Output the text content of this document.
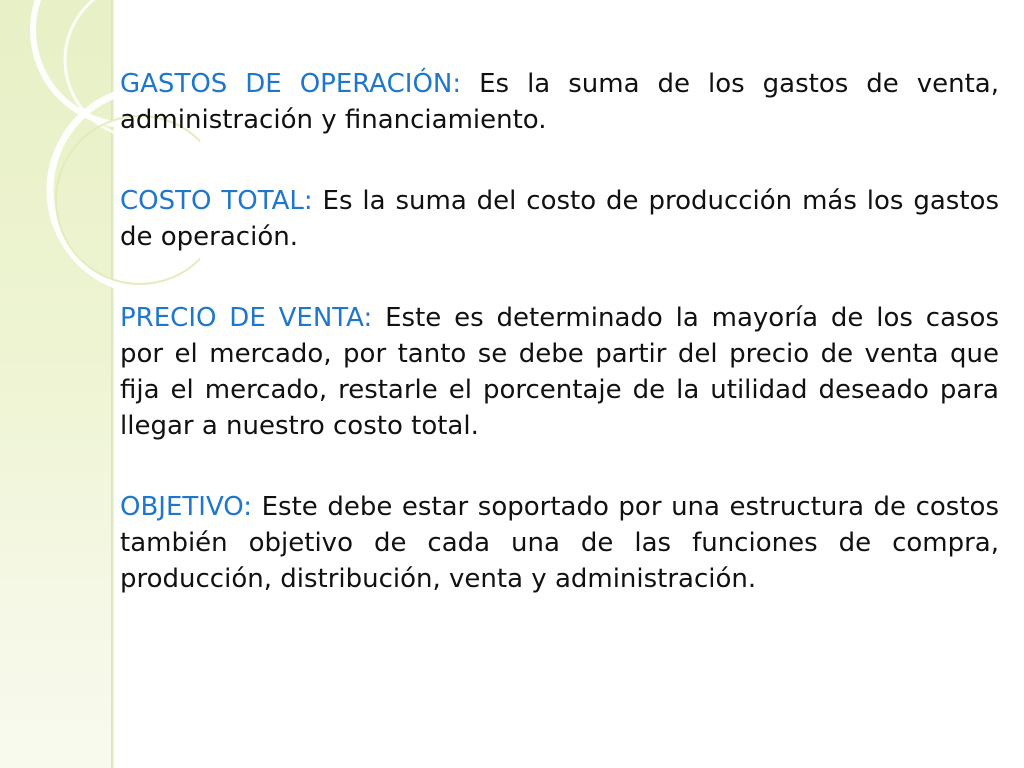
GASTOS DE OPERACIÓN: Es la suma de los gastos de venta, administración y financiamiento.

COSTO TOTAL: Es la suma del costo de producción más los gastos de operación.

PRECIO DE VENTA: Este es determinado la mayoría de los casos por el mercado, por tanto se debe partir del precio de venta que fija el mercado, restarle el porcentaje de la utilidad deseado para llegar a nuestro costo total.

OBJETIVO: Este debe estar soportado por una estructura de costos también objetivo de cada una de las funciones de compra, producción, distribución, venta y administración.
